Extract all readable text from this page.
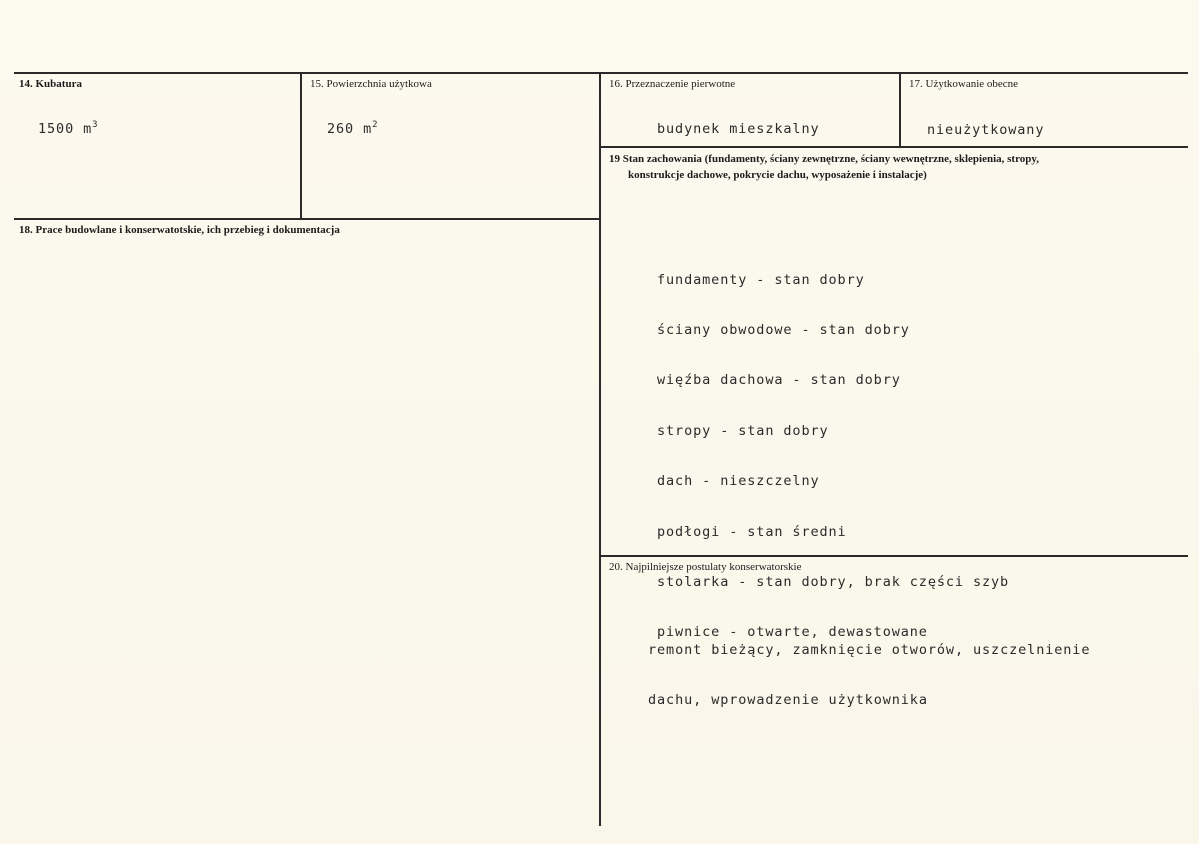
14. Kubatura
1500 $m^3$
15. Powierzchnia użytkowa
260 $m^2$
16. Przeznaczenie pierwotne
budynek mieszkalny
17. Użytkowanie obecne
nieużytkowany
18. Prace budowlane i konserwatotskie, ich przebieg i dokumentacja
19 Stan zachowania (fundamenty, ściany zewnętrzne, ściany wewnętrzne, sklepienia, stropy,
konstrukcje dachowe, pokrycie dachu, wyposażenie i instalacje)

fundamenty - stan dobry

ściany obwodowe - stan dobry

więźba dachowa - stan dobry

stropy - stan dobry

dach - nieszczelny

podłogi - stan średni

stolarka - stan dobry, brak części szyb

piwnice - otwarte, dewastowane

20. Najpilniejsze postulaty konserwatorskie

remont bieżący, zamknięcie otworów, uszczelnienie

dachu, wprowadzenie użytkownika
